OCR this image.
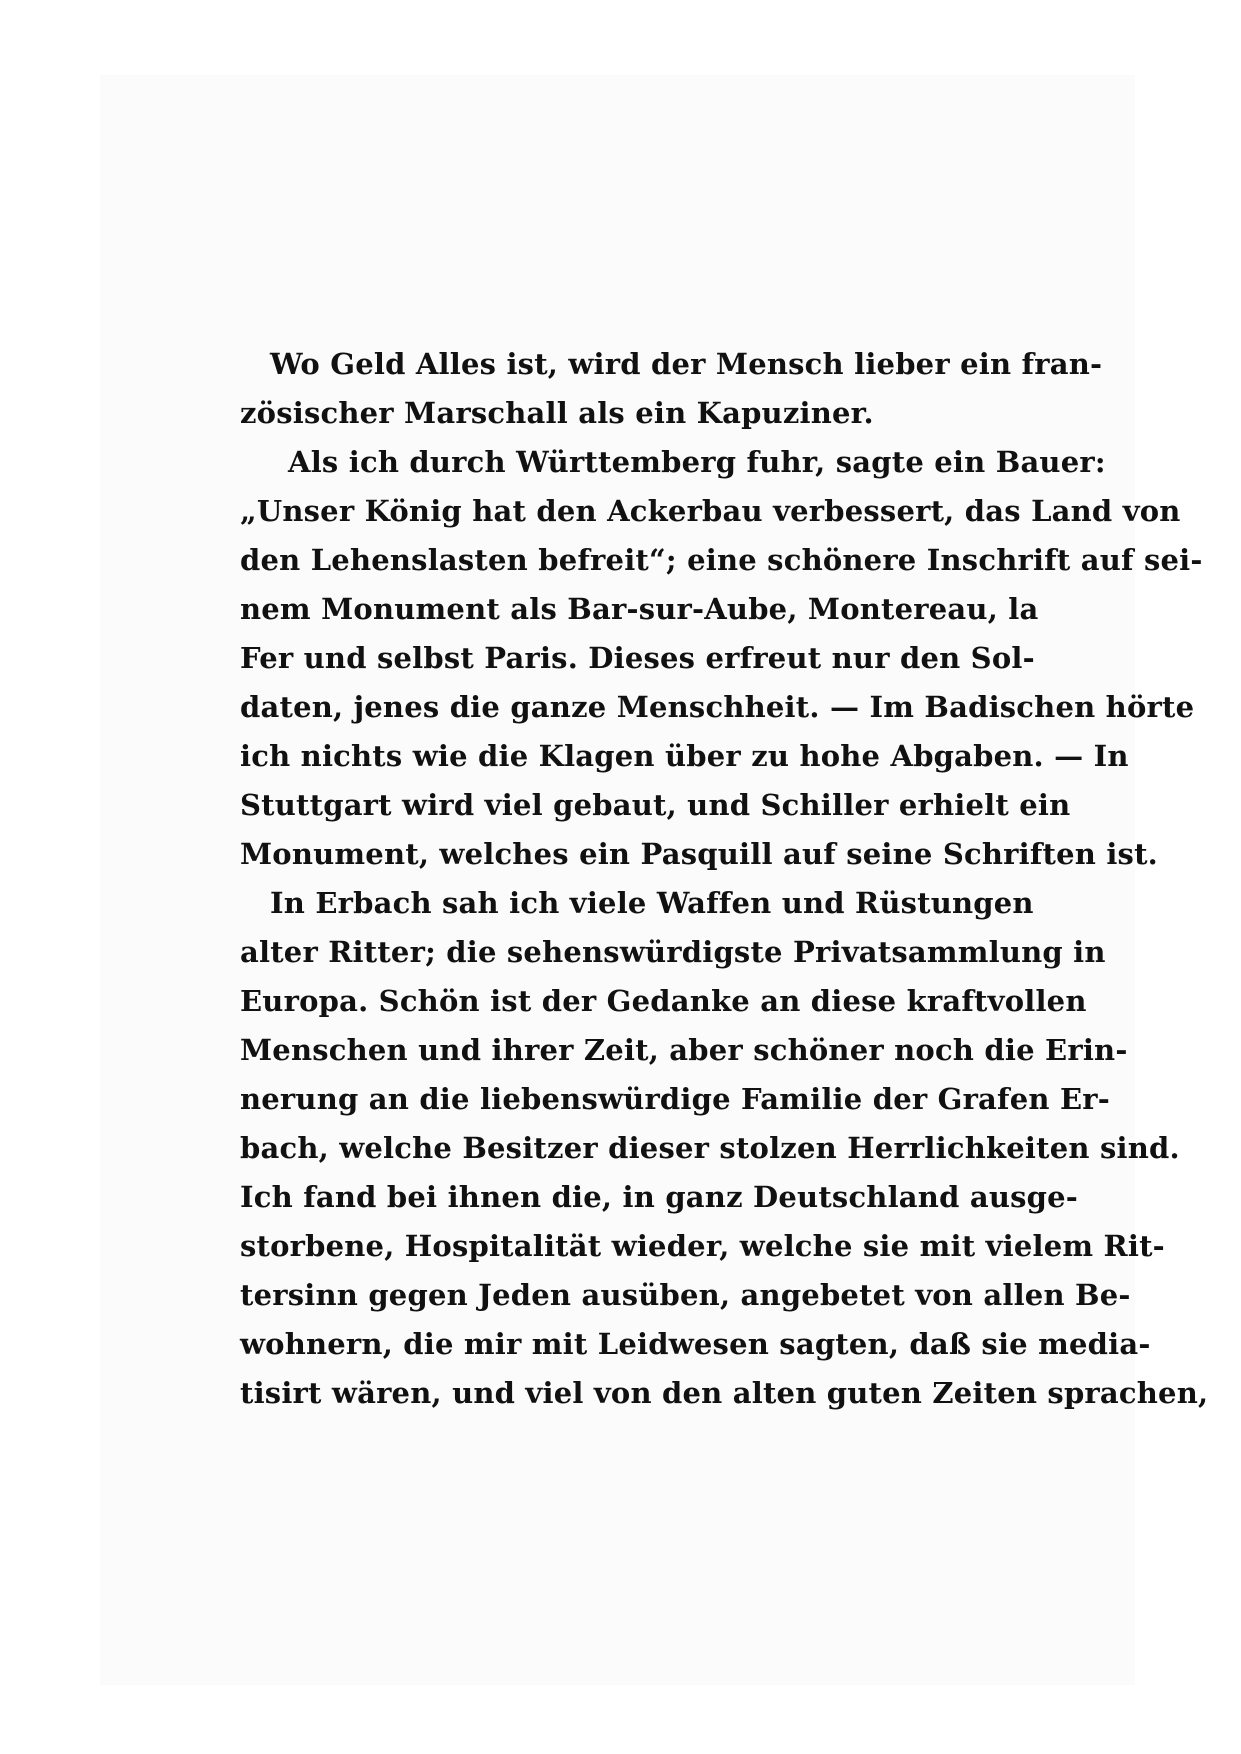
Wo Geld Alles ist, wird der Mensch lieber ein fran-
zösischer Marschall als ein Kapuziner.
Als ich durch Württemberg fuhr, sagte ein Bauer:
„Unser König hat den Ackerbau verbessert, das Land von
den Lehenslasten befreit“; eine schönere Inschrift auf sei-
nem Monument als Bar-sur-Aube, Montereau, la
Fer und selbst Paris. Dieses erfreut nur den Sol-
daten, jenes die ganze Menschheit. — Im Badischen hörte
ich nichts wie die Klagen über zu hohe Abgaben. — In
Stuttgart wird viel gebaut, und Schiller erhielt ein
Monument, welches ein Pasquill auf seine Schriften ist.
In Erbach sah ich viele Waffen und Rüstungen
alter Ritter; die sehenswürdigste Privatsammlung in
Europa. Schön ist der Gedanke an diese kraftvollen
Menschen und ihrer Zeit, aber schöner noch die Erin-
nerung an die liebenswürdige Familie der Grafen Er-
bach, welche Besitzer dieser stolzen Herrlichkeiten sind.
Ich fand bei ihnen die, in ganz Deutschland ausge-
storbene, Hospitalität wieder, welche sie mit vielem Rit-
tersinn gegen Jeden ausüben, angebetet von allen Be-
wohnern, die mir mit Leidwesen sagten, daß sie media-
tisirt wären, und viel von den alten guten Zeiten sprachen,
